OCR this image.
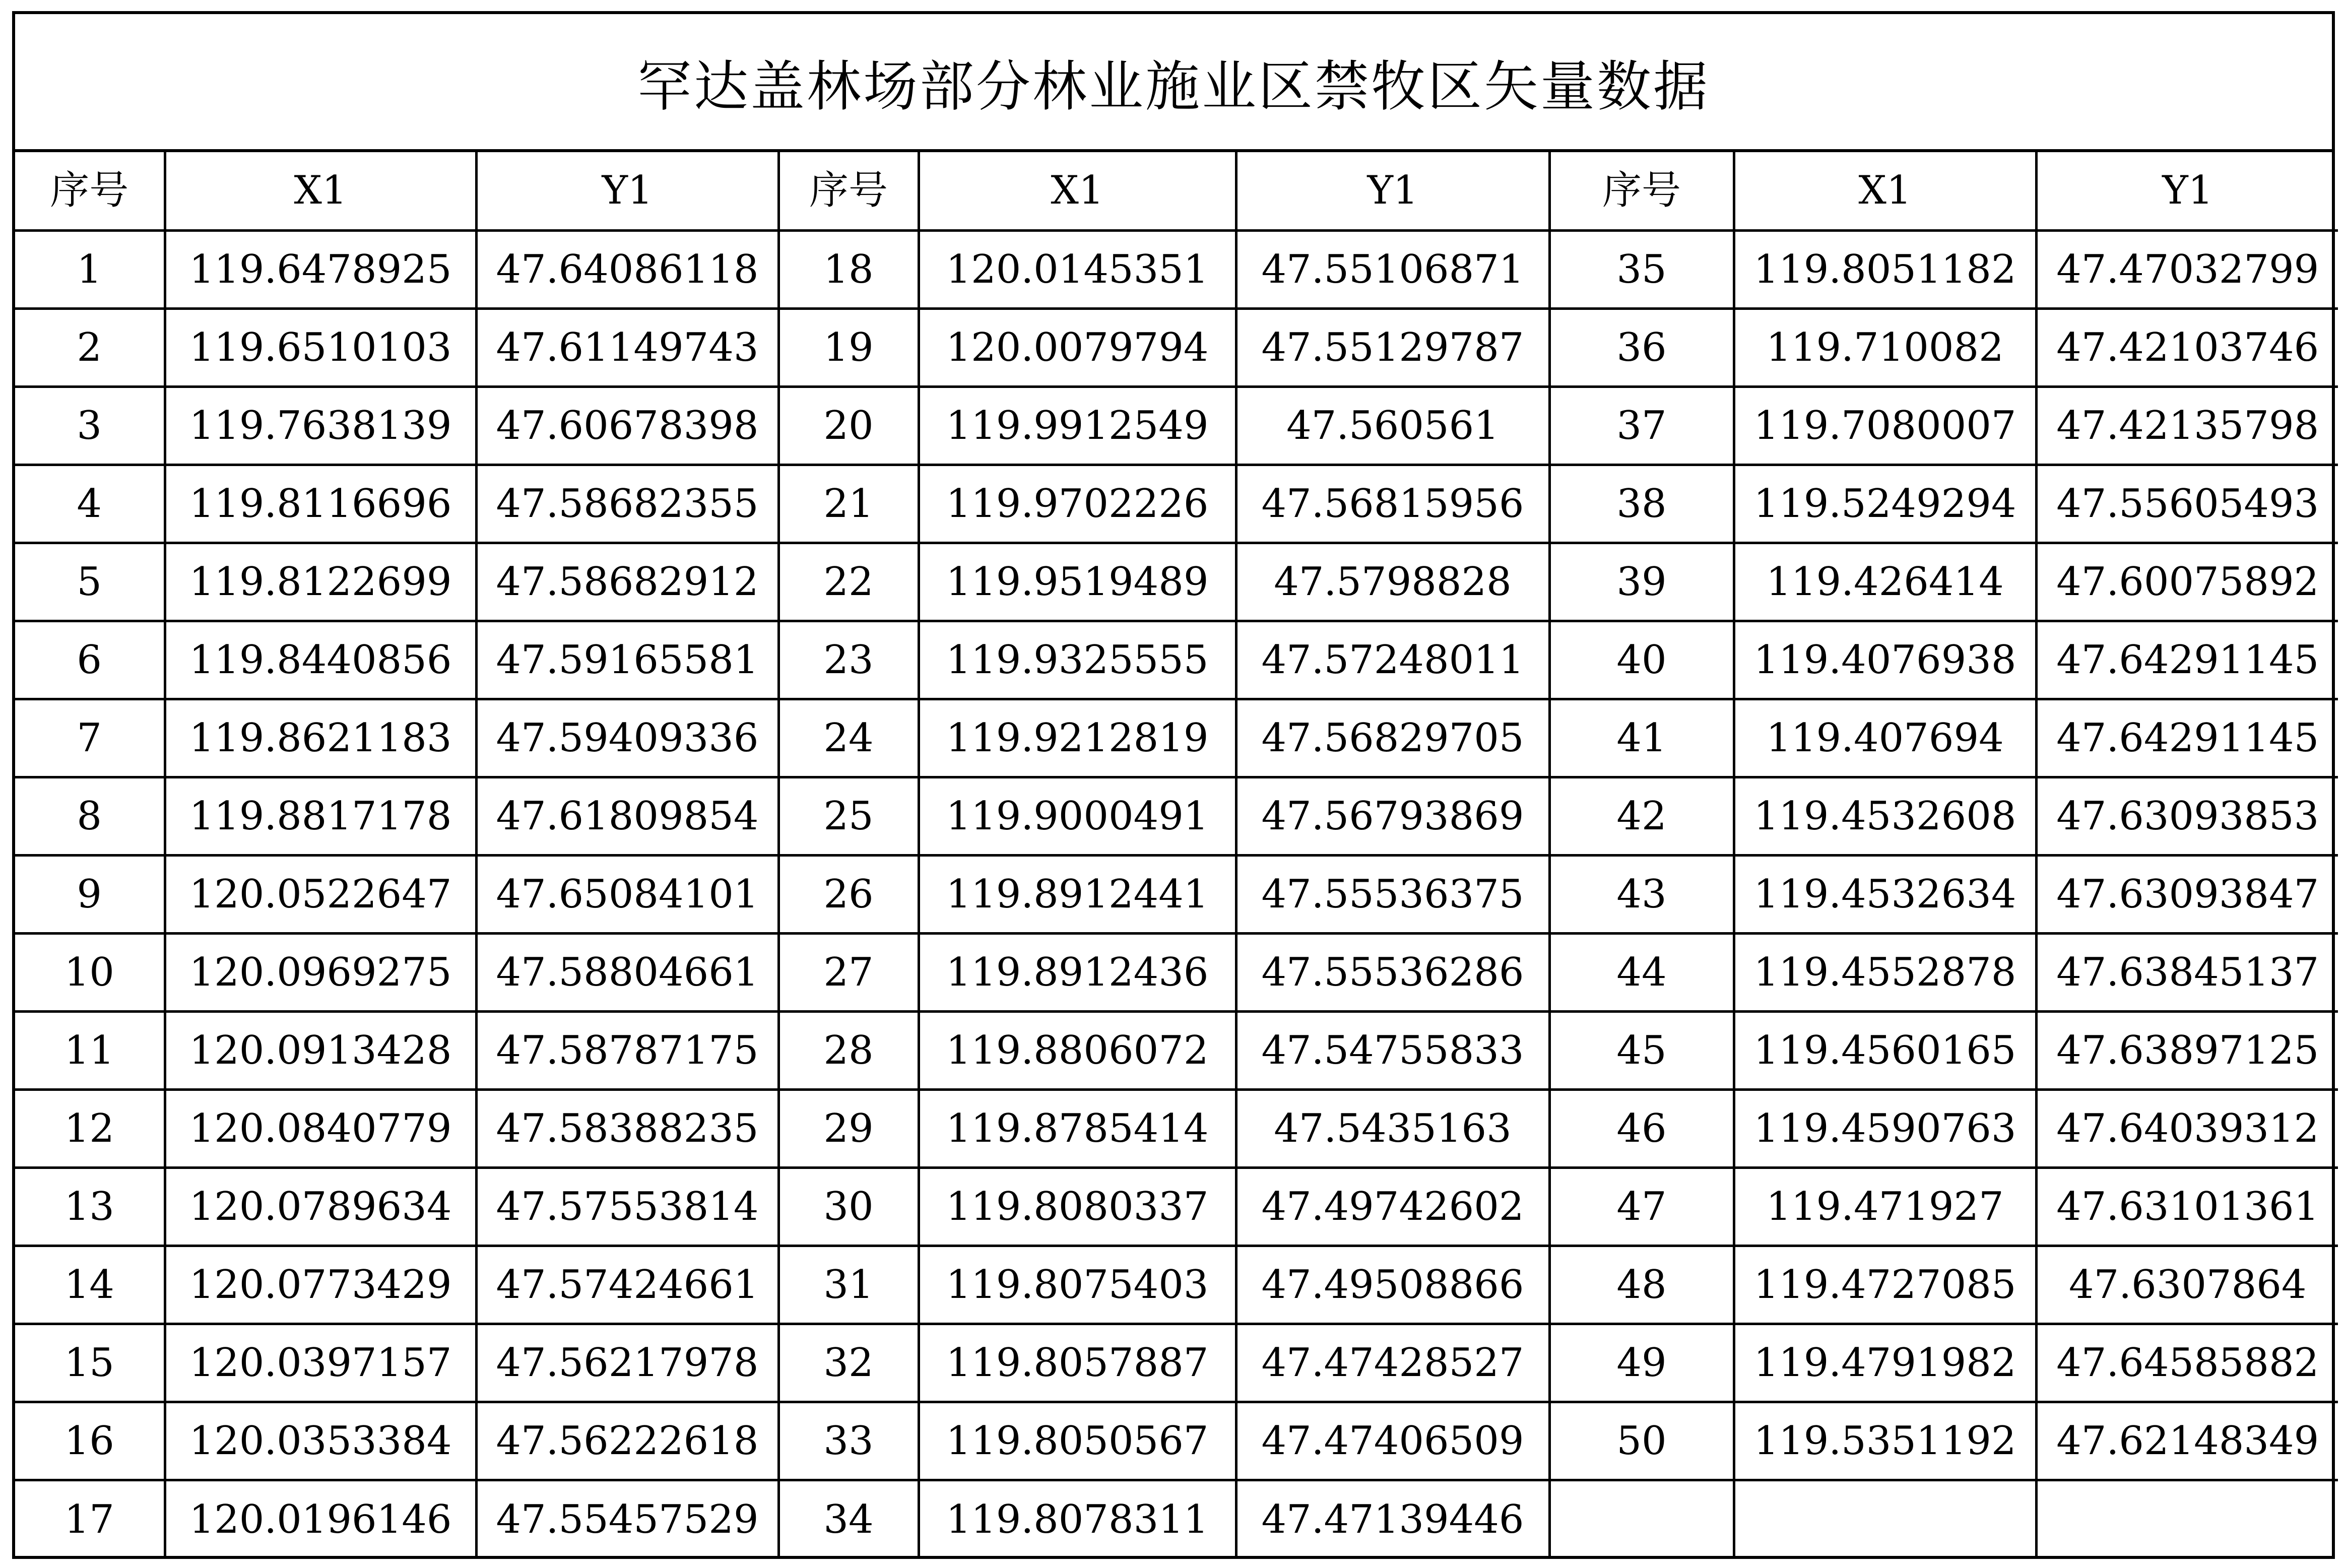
罕达盖林场部分林业施业区禁牧区矢量数据
序号	X1	Y1	序号	X1	Y1	序号	X1	Y1
1	119.6478925	47.64086118	18	120.0145351	47.55106871	35	119.8051182	47.47032799
2	119.6510103	47.61149743	19	120.0079794	47.55129787	36	119.710082	47.42103746
3	119.7638139	47.60678398	20	119.9912549	47.560561	37	119.7080007	47.42135798
4	119.8116696	47.58682355	21	119.9702226	47.56815956	38	119.5249294	47.55605493
5	119.8122699	47.58682912	22	119.9519489	47.5798828	39	119.426414	47.60075892
6	119.8440856	47.59165581	23	119.9325555	47.57248011	40	119.4076938	47.64291145
7	119.8621183	47.59409336	24	119.9212819	47.56829705	41	119.407694	47.64291145
8	119.8817178	47.61809854	25	119.9000491	47.56793869	42	119.4532608	47.63093853
9	120.0522647	47.65084101	26	119.8912441	47.55536375	43	119.4532634	47.63093847
10	120.0969275	47.58804661	27	119.8912436	47.55536286	44	119.4552878	47.63845137
11	120.0913428	47.58787175	28	119.8806072	47.54755833	45	119.4560165	47.63897125
12	120.0840779	47.58388235	29	119.8785414	47.5435163	46	119.4590763	47.64039312
13	120.0789634	47.57553814	30	119.8080337	47.49742602	47	119.471927	47.63101361
14	120.0773429	47.57424661	31	119.8075403	47.49508866	48	119.4727085	47.6307864
15	120.0397157	47.56217978	32	119.8057887	47.47428527	49	119.4791982	47.64585882
16	120.0353384	47.56222618	33	119.8050567	47.47406509	50	119.5351192	47.62148349
17	120.0196146	47.55457529	34	119.8078311	47.47139446			
